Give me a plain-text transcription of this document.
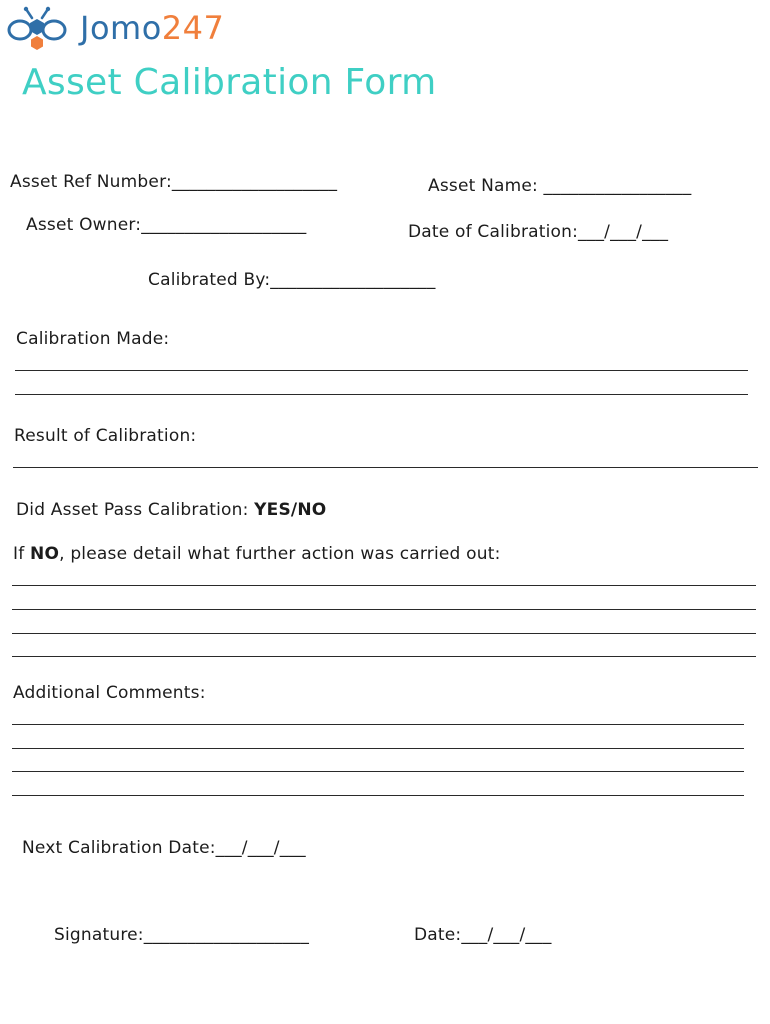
Jomo247
Asset Calibration Form
Asset Ref Number:___________________	Asset Name: _________________
Asset Owner:___________________	Date of Calibration:___/___/___
Calibrated By:___________________
Calibration Made:
Result of Calibration:
Did Asset Pass Calibration: YES/NO
If NO, please detail what further action was carried out:
Additional Comments:
Next Calibration Date:___/___/___
Signature:___________________	Date:___/___/___
